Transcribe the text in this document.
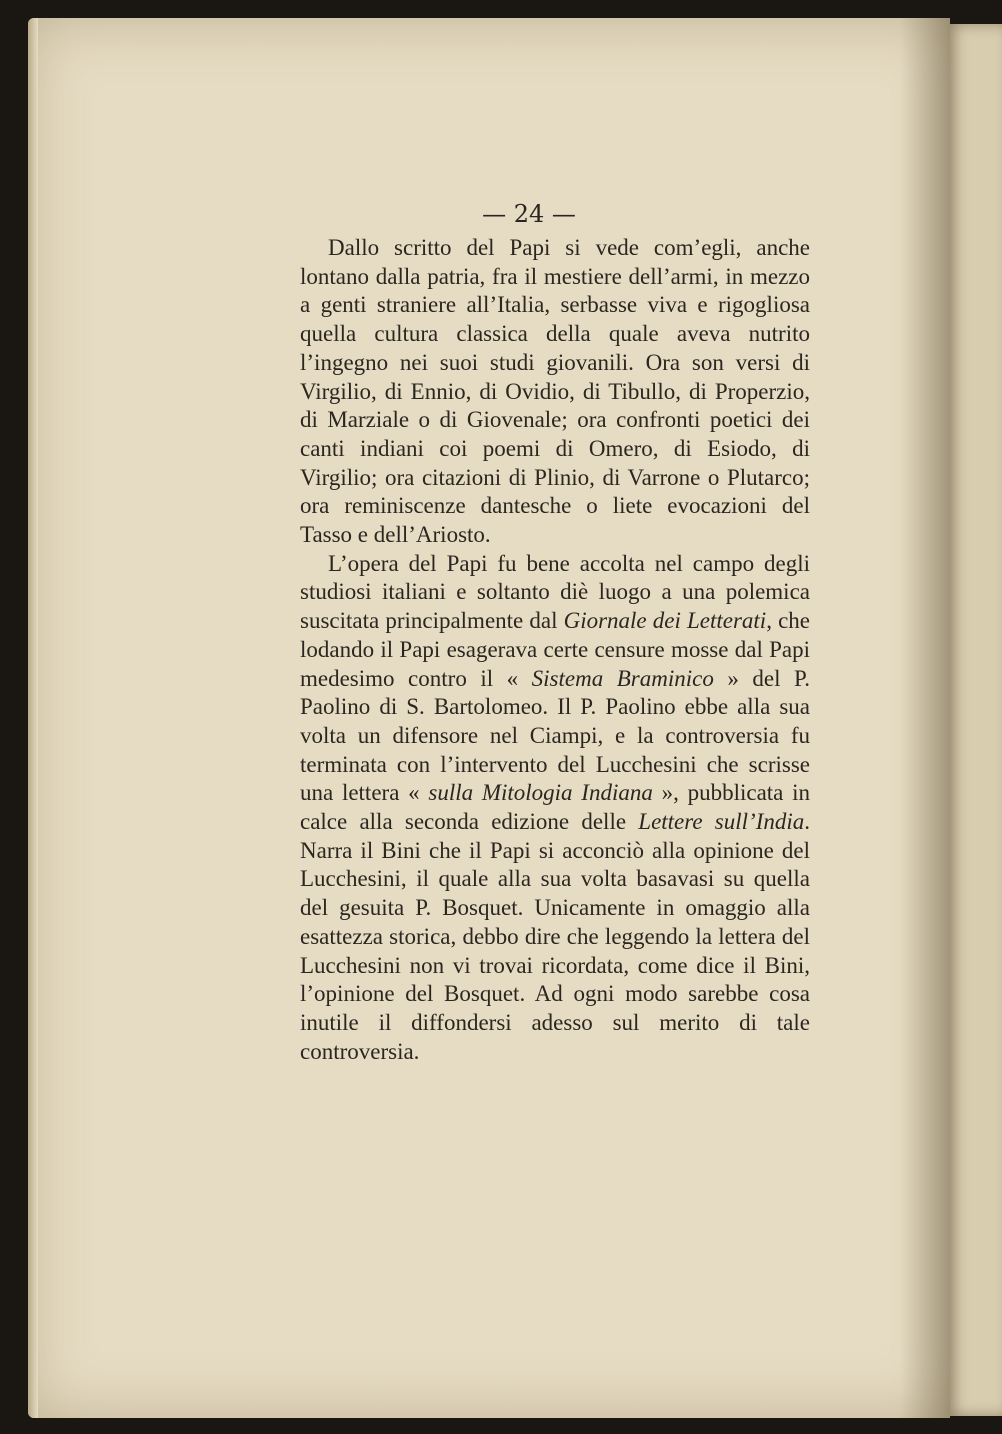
— 24 —

Dallo scritto del Papi si vede com’egli, anche lontano dalla patria, fra il mestiere dell’armi, in mezzo a genti straniere all’Italia, serbasse viva e rigogliosa quella cultura classica della quale aveva nutrito l’ingegno nei suoi studi giovanili. Ora son versi di Virgilio, di Ennio, di Ovidio, di Tibullo, di Properzio, di Marziale o di Giovenale; ora confronti poetici dei canti indiani coi poemi di Omero, di Esiodo, di Virgilio; ora citazioni di Plinio, di Varrone o Plutarco; ora reminiscenze dantesche o liete evocazioni del Tasso e dell’Ariosto.

L’opera del Papi fu bene accolta nel campo degli studiosi italiani e soltanto diè luogo a una polemica suscitata principalmente dal Giornale dei Letterati, che lodando il Papi esagerava certe censure mosse dal Papi medesimo contro il « Sistema Braminico » del P. Paolino di S. Bartolomeo. Il P. Paolino ebbe alla sua volta un difensore nel Ciampi, e la controversia fu terminata con l’intervento del Lucchesini che scrisse una lettera « sulla Mitologia Indiana », pubblicata in calce alla seconda edizione delle Lettere sull’India. Narra il Bini che il Papi si acconciò alla opinione del Lucchesini, il quale alla sua volta basavasi su quella del gesuita P. Bosquet. Unicamente in omaggio alla esattezza storica, debbo dire che leggendo la lettera del Lucchesini non vi trovai ricordata, come dice il Bini, l’opinione del Bosquet. Ad ogni modo sarebbe cosa inutile il diffondersi adesso sul merito di tale controversia.
